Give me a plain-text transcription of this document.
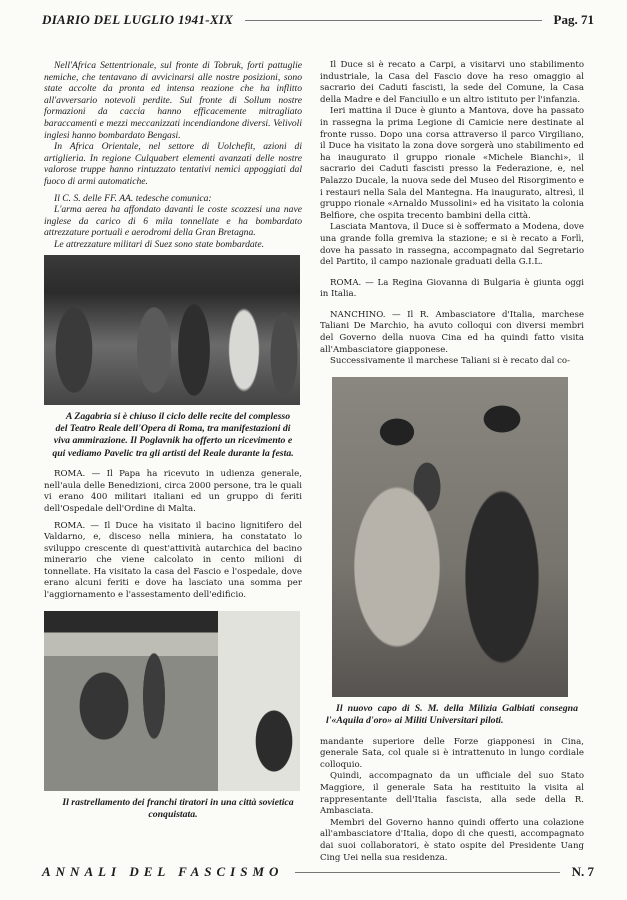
DIARIO DEL LUGLIO 1941-XIX	Pag. 71

Nell'Africa Settentrionale, sul fronte di Tobruk, forti pattuglie nemiche, che tentavano di avvicinarsi alle nostre posizioni, sono state accolte da pronta ed intensa reazione che ha inflitto all'avversario notevoli perdite. Sul fronte di Sollum nostre formazioni da caccia hanno efficacemente mitragliato baraccamenti e mezzi meccanizzati incendiandone diversi. Velivoli inglesi hanno bombardato Bengasi.

In Africa Orientale, nel settore di Uolchefit, azioni di artiglieria. In regione Culquabert elementi avanzati delle nostre valorose truppe hanno rintuzzato tentativi nemici appoggiati dal fuoco di armi automatiche.

Il C. S. delle FF. AA. tedesche comunica:

L'arma aerea ha affondato davanti le coste scozzesi una nave inglese da carico di 6 mila tonnellate e ha bombardato attrezzature portuali e aerodromi della Gran Bretagna.

Le attrezzature militari di Suez sono state bombardate.

A Zagabria si è chiuso il ciclo delle recite del complesso del Teatro Reale dell'Opera di Roma, tra manifestazioni di viva ammirazione. Il Poglavnik ha offerto un ricevimento e qui vediamo Pavelic tra gli artisti del Reale durante la festa.

ROMA. — Il Papa ha ricevuto in udienza generale, nell'aula delle Benedizioni, circa 2000 persone, tra le quali vi erano 400 militari italiani ed un gruppo di feriti dell'Ospedale dell'Ordine di Malta.

ROMA. — Il Duce ha visitato il bacino lignitifero del Valdarno, e, disceso nella miniera, ha constatato lo sviluppo crescente di quest'attività autarchica del bacino minerario che viene calcolato in cento milioni di tonnellate. Ha visitato la casa del Fascio e l'ospedale, dove erano alcuni feriti e dove ha lasciato una somma per l'aggiornamento e l'assestamento dell'edificio.

Il rastrellamento dei franchi tiratori in una città sovietica conquistata.

Il Duce si è recato a Carpi, a visitarvi uno stabilimento industriale, la Casa del Fascio dove ha reso omaggio al sacrario dei Caduti fascisti, la sede del Comune, la Casa della Madre e del Fanciullo e un altro istituto per l'infanzia.

Ieri mattina il Duce è giunto a Mantova, dove ha passato in rassegna la prima Legione di Camicie nere destinate al fronte russo. Dopo una corsa attraverso il parco Virgiliano, il Duce ha visitato la zona dove sorgerà uno stabilimento ed ha inaugurato il gruppo rionale «Michele Bianchi», il sacrario dei Caduti fascisti presso la Federazione, e, nel Palazzo Ducale, la nuova sede del Museo del Risorgimento e i restauri nella Sala del Mantegna. Ha inaugurato, altresì, il gruppo rionale «Arnaldo Mussolini» ed ha visitato la colonia Belfiore, che ospita trecento bambini della città.

Lasciata Mantova, il Duce si è soffermato a Modena, dove una grande folla gremiva la stazione; e si è recato a Forlì, dove ha passato in rassegna, accompagnato dal Segretario del Partito, il campo nazionale graduati della G.I.L.

ROMA. — La Regina Giovanna di Bulgaria è giunta oggi in Italia.

NANCHINO. — Il R. Ambasciatore d'Italia, marchese Taliani De Marchio, ha avuto colloqui con diversi membri del Governo della nuova Cina ed ha quindi fatto visita all'Ambasciatore giapponese.

Successivamente il marchese Taliani si è recato dal co-

Il nuovo capo di S. M. della Milizia Galbiati consegna l'«Aquila d'oro» ai Militi Universitari piloti.

mandante superiore delle Forze giapponesi in Cina, generale Sata, col quale si è intrattenuto in lungo cordiale colloquio.

Quindi, accompagnato da un ufficiale del suo Stato Maggiore, il generale Sata ha restituito la visita al rappresentante dell'Italia fascista, alla sede della R. Ambasciata.

Membri del Governo hanno quindi offerto una colazione all'ambasciatore d'Italia, dopo di che questi, accompagnato dai suoi collaboratori, è stato ospite del Presidente Uang Cing Uei nella sua residenza.

ANNALI DEL FASCISMO	N. 7
